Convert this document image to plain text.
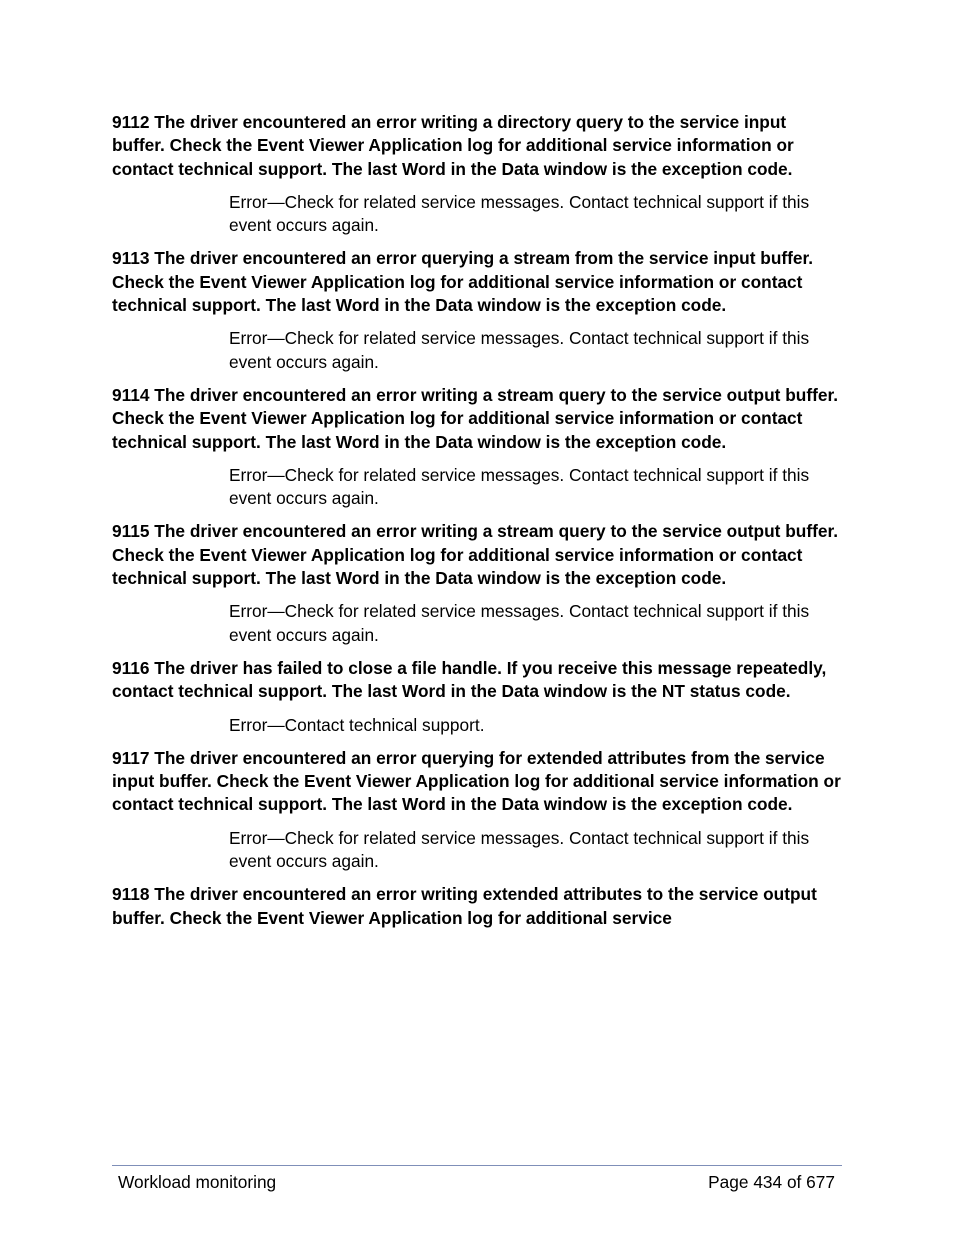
9112 The driver encountered an error writing a directory query to the service input buffer. Check the Event Viewer Application log for additional service information or contact technical support. The last Word in the Data window is the exception code.

Error—Check for related service messages. Contact technical support if this event occurs again.

9113 The driver encountered an error querying a stream from the service input buffer. Check the Event Viewer Application log for additional service information or contact technical support. The last Word in the Data window is the exception code.

Error—Check for related service messages. Contact technical support if this event occurs again.

9114 The driver encountered an error writing a stream query to the service output buffer. Check the Event Viewer Application log for additional service information or contact technical support. The last Word in the Data window is the exception code.

Error—Check for related service messages. Contact technical support if this event occurs again.

9115 The driver encountered an error writing a stream query to the service output buffer. Check the Event Viewer Application log for additional service information or contact technical support. The last Word in the Data window is the exception code.

Error—Check for related service messages. Contact technical support if this event occurs again.

9116 The driver has failed to close a file handle. If you receive this message repeatedly, contact technical support. The last Word in the Data window is the NT status code.

Error—Contact technical support.

9117 The driver encountered an error querying for extended attributes from the service input buffer. Check the Event Viewer Application log for additional service information or contact technical support. The last Word in the Data window is the exception code.

Error—Check for related service messages. Contact technical support if this event occurs again.

9118 The driver encountered an error writing extended attributes to the service output buffer. Check the Event Viewer Application log for additional service

Workload monitoring	Page 434 of 677
